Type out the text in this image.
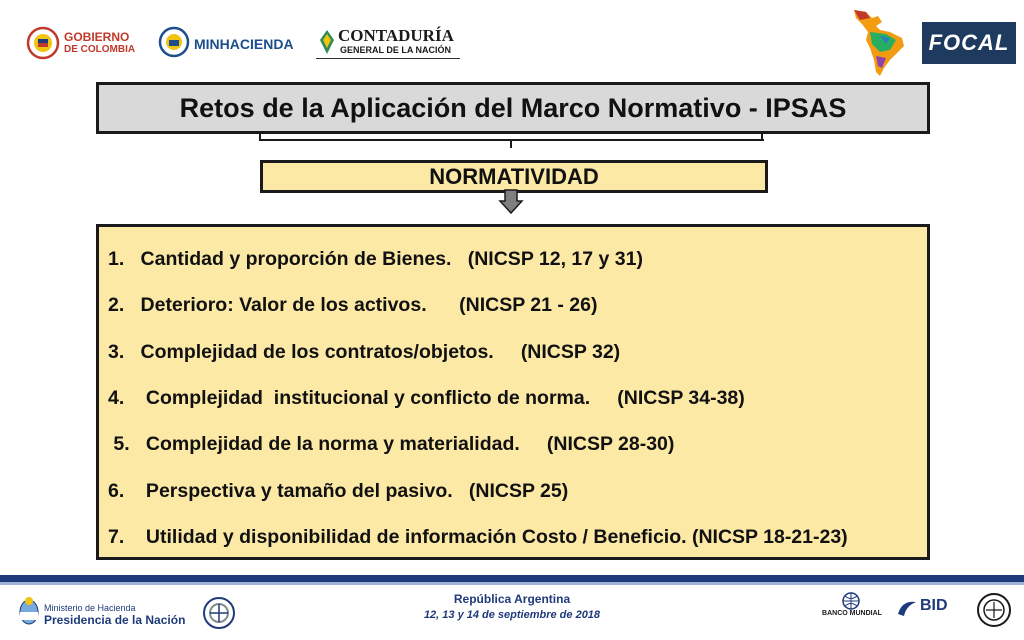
GOBIERNO
DE COLOMBIA	MINHACIENDA	CONTADURÍA
GENERAL DE LA NACIÓN	FOCAL
Retos de la Aplicación del Marco Normativo - IPSAS
NORMATIVIDAD
1.   Cantidad y proporción de Bienes.   (NICSP 12, 17 y 31)
2.   Deterioro: Valor de los activos.      (NICSP 21 - 26)
3.   Complejidad de los contratos/objetos.     (NICSP 32)
4.    Complejidad  institucional y conflicto de norma.     (NICSP 34-38)
5.   Complejidad de la norma y materialidad.     (NICSP 28-30)
6.    Perspectiva y tamaño del pasivo.   (NICSP 25)
7.    Utilidad y disponibilidad de información Costo / Beneficio. (NICSP 18-21-23)
Ministerio de Hacienda
Presidencia de la Nación
República Argentina
12, 13 y 14 de septiembre de 2018	BANCO MUNDIAL BID
